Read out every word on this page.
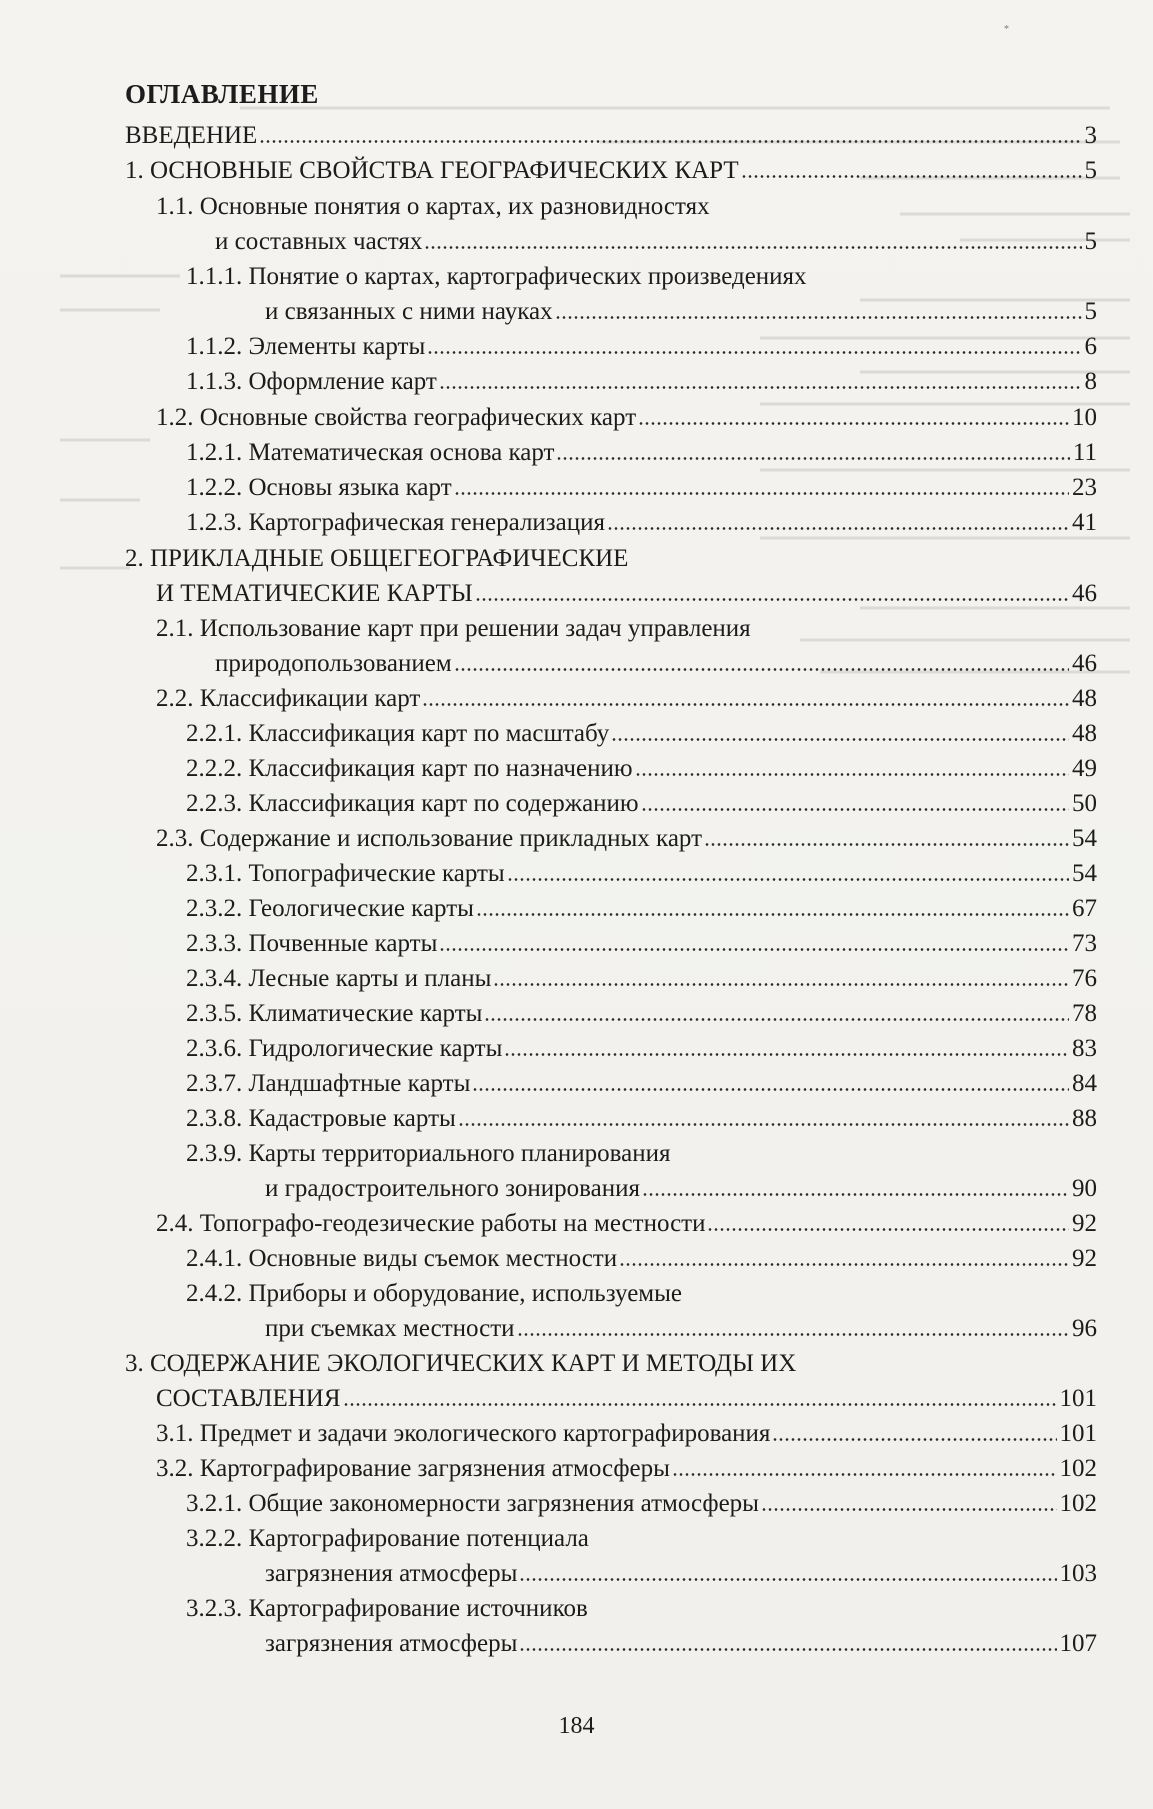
*
ОГЛАВЛЕНИЕ
ВВЕДЕНИЕ	3
1. ОСНОВНЫЕ СВОЙСТВА ГЕОГРАФИЧЕСКИХ КАРТ	5
1.1. Основные понятия о картах, их разновидностях
и составных частях	5
1.1.1. Понятие о картах, картографических произведениях
и связанных с ними науках	5
1.1.2. Элементы карты	6
1.1.3. Оформление карт	8
1.2. Основные свойства географических карт	10
1.2.1. Математическая основа карт	11
1.2.2. Основы языка карт	23
1.2.3. Картографическая генерализация	41
2. ПРИКЛАДНЫЕ ОБЩЕГЕОГРАФИЧЕСКИЕ
И ТЕМАТИЧЕСКИЕ КАРТЫ	46
2.1. Использование карт при решении задач управления
природопользованием	46
2.2. Классификации карт	48
2.2.1. Классификация карт по масштабу	48
2.2.2. Классификация карт по назначению	49
2.2.3. Классификация карт по содержанию	50
2.3. Содержание и использование прикладных карт	54
2.3.1. Топографические карты	54
2.3.2. Геологические карты	67
2.3.3. Почвенные карты	73
2.3.4. Лесные карты и планы	76
2.3.5. Климатические карты	78
2.3.6. Гидрологические карты	83
2.3.7. Ландшафтные карты	84
2.3.8. Кадастровые карты	88
2.3.9. Карты территориального планирования
и градостроительного зонирования	90
2.4. Топографо-геодезические работы на местности	92
2.4.1. Основные виды съемок местности	92
2.4.2. Приборы и оборудование, используемые
при съемках местности	96
3. СОДЕРЖАНИЕ ЭКОЛОГИЧЕСКИХ КАРТ И МЕТОДЫ ИХ
СОСТАВЛЕНИЯ	101
3.1. Предмет и задачи экологического картографирования	101
3.2. Картографирование загрязнения атмосферы	102
3.2.1. Общие закономерности загрязнения атмосферы	102
3.2.2. Картографирование потенциала
загрязнения атмосферы	103
3.2.3. Картографирование источников
загрязнения атмосферы	107
184
